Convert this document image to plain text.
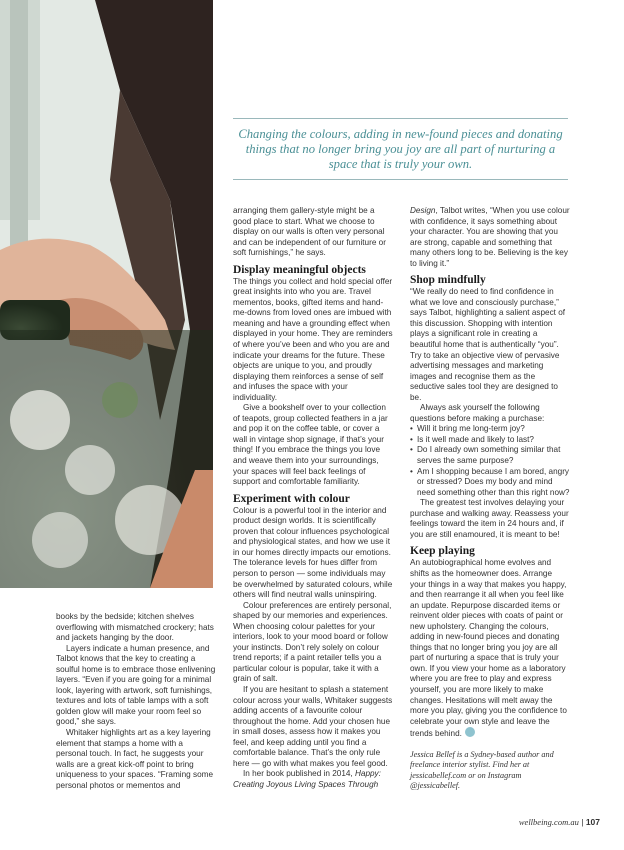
Changing the colours, adding in new-found pieces and donating things that no longer bring you joy are all part of nurturing a space that is truly your own.

books by the bedside; kitchen shelves overflowing with mismatched crockery; hats and jackets hanging by the door.

Layers indicate a human presence, and Talbot knows that the key to creating a soulful home is to embrace those enlivening layers. “Even if you are going for a minimal look, layering with artwork, soft furnishings, textures and lots of table lamps with a soft golden glow will make your room feel so good,” she says.

Whitaker highlights art as a key layering element that stamps a home with a personal touch. In fact, he suggests your walls are a great kick-off point to bring uniqueness to your spaces. “Framing some personal photos or mementos and

arranging them gallery-style might be a good place to start. What we choose to display on our walls is often very personal and can be independent of our furniture or soft furnishings,” he says.

Display meaningful objects

The things you collect and hold special offer great insights into who you are. Travel mementos, books, gifted items and hand-me-downs from loved ones are imbued with meaning and have a grounding effect when displayed in your home. They are reminders of where you’ve been and who you are and indicate your dreams for the future. These objects are unique to you, and proudly displaying them reinforces a sense of self and infuses the space with your individuality.

Give a bookshelf over to your collection of teapots, group collected feathers in a jar and pop it on the coffee table, or cover a wall in vintage shop signage, if that’s your thing! If you embrace the things you love and weave them into your surroundings, your spaces will feel back feelings of support and comfortable familiarity.

Experiment with colour

Colour is a powerful tool in the interior and product design worlds. It is scientifically proven that colour influences psychological and physiological states, and how we use it in our homes directly impacts our emotions. The tolerance levels for hues differ from person to person — some individuals may be overwhelmed by saturated colours, while others will find neutral walls uninspiring.

Colour preferences are entirely personal, shaped by our memories and experiences. When choosing colour palettes for your interiors, look to your mood board or follow your instincts. Don’t rely solely on colour trend reports; if a paint retailer tells you a particular colour is popular, take it with a grain of salt.

If you are hesitant to splash a statement colour across your walls, Whitaker suggests adding accents of a favourite colour throughout the home. Add your chosen hue in small doses, assess how it makes you feel, and keep adding until you find a comfortable balance. That’s the only rule here — go with what makes you feel good.

In her book published in 2014, Happy: Creating Joyous Living Spaces Through

Design, Talbot writes, “When you use colour with confidence, it says something about your character. You are showing that you are strong, capable and something that many others long to be. Believing is the key to living it.”

Shop mindfully

“We really do need to find confidence in what we love and consciously purchase,” says Talbot, highlighting a salient aspect of this discussion. Shopping with intention plays a significant role in creating a beautiful home that is authentically “you”. Try to take an objective view of pervasive advertising messages and marketing images and recognise them as the seductive sales tool they are designed to be.

Always ask yourself the following questions before making a purchase:

• Will it bring me long-term joy?
• Is it well made and likely to last?
• Do I already own something similar that serves the same purpose?
• Am I shopping because I am bored, angry or stressed? Does my body and mind need something other than this right now?

The greatest test involves delaying your purchase and walking away. Reassess your feelings toward the item in 24 hours and, if you are still enamoured, it is meant to be!

Keep playing

An autobiographical home evolves and shifts as the homeowner does. Arrange your things in a way that makes you happy, and then rearrange it all when you feel like an update. Repurpose discarded items or reinvent older pieces with coats of paint or new upholstery. Changing the colours, adding in new-found pieces and donating things that no longer bring you joy are all part of nurturing a space that is truly your own. If you view your home as a laboratory where you are free to play and express yourself, you are more likely to make changes. Hesitations will melt away the more you play, giving you the confidence to celebrate your own style and leave the trends behind.

Jessica Bellef is a Sydney-based author and freelance interior stylist. Find her at jessicabellef.com or on Instagram @jessicabellef.

wellbeing.com.au | 107
